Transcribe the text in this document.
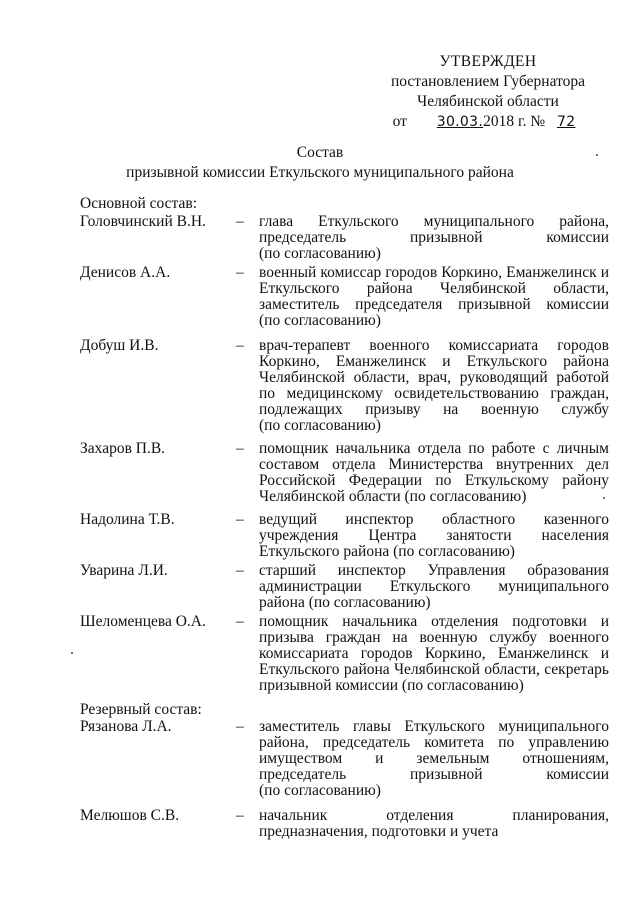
УТВЕРЖДЕН
постановлением Губернатора
Челябинской области
от 30.03.2018 г. № 72
Состав
призывной комиссии Еткульского муниципального района
Основной состав:
Головчинский В.Н.	– глава Еткульского муниципального района,
председатель призывной комиссии
(по согласованию)
Денисов А.А.	– военный комиссар городов Коркино, Еманжелинск и
Еткульского района Челябинской области,
заместитель председателя призывной комиссии
(по согласованию)
Добуш И.В.	– врач-терапевт военного комиссариата городов
Коркино, Еманжелинск и Еткульского района
Челябинской области, врач, руководящий работой
по медицинскому освидетельствованию граждан,
подлежащих призыву на военную службу
(по согласованию)
Захаров П.В.	– помощник начальника отдела по работе с личным
составом отдела Министерства внутренних дел
Российской Федерации по Еткульскому району
Челябинской области (по согласованию)
Надолина Т.В.	– ведущий инспектор областного казенного
учреждения Центра занятости населения
Еткульского района (по согласованию)
Уварина Л.И.	– старший инспектор Управления образования
администрации Еткульского муниципального
района (по согласованию)
Шеломенцева О.А.	– помощник начальника отделения подготовки и
призыва граждан на военную службу военного
комиссариата городов Коркино, Еманжелинск и
Еткульского района Челябинской области, секретарь
призывной комиссии (по согласованию)
Резервный состав:
Рязанова Л.А.	– заместитель главы Еткульского муниципального
района, председатель комитета по управлению
имуществом и земельным отношениям,
председатель призывной комиссии
(по согласованию)
Мелюшов С.В.	– начальник отделения планирования,
предназначения, подготовки и учета
